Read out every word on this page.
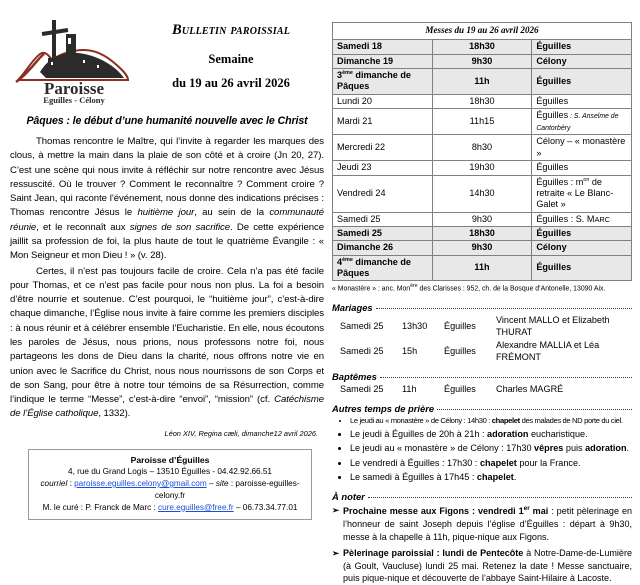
Paroisse
Eguilles - Célony
Bulletin paroissial
Semaine
du 19 au 26 avril 2026
Pâques : le début d’une humanité nouvelle avec le Christ

Thomas rencontre le Maître, qui l’invite à regarder les marques des clous, à mettre la main dans la plaie de son côté et à croire (Jn 20, 27). C’est une scène qui nous invite à réfléchir sur notre rencontre avec Jésus ressuscité. Où le trouver ? Comment le reconnaître ? Comment croire ? Saint Jean, qui raconte l’événement, nous donne des indications précises : Thomas rencontre Jésus le huitième jour, au sein de la communauté réunie, et le reconnaît aux signes de son sacrifice. De cette expérience jaillit sa profession de foi, la plus haute de tout le quatrième Évangile : « Mon Seigneur et mon Dieu ! » (v. 28).

Certes, il n’est pas toujours facile de croire. Cela n’a pas été facile pour Thomas, et ce n’est pas facile pour nous non plus. La foi a besoin d’être nourrie et soutenue. C’est pourquoi, le “huitième jour”, c’est-à-dire chaque dimanche, l’Église nous invite à faire comme les premiers disciples : à nous réunir et à célébrer ensemble l’Eucharistie. En elle, nous écoutons les paroles de Jésus, nous prions, nous professons notre foi, nous partageons les dons de Dieu dans la charité, nous offrons notre vie en union avec le Sacrifice du Christ, nous nous nourrissons de son Corps et de son Sang, pour être à notre tour témoins de sa Résurrection, comme l’indique le terme “Messe”, c’est-à-dire “envoi”, “mission” (cf. Catéchisme de l’Église catholique, 1332).

Léon XIV, Regina cæli, dimanche12 avril 2026.
Paroisse d’Éguilles
4, rue du Grand Logis – 13510 Éguilles - 04.42.92.66.51
courriel : paroisse.eguilles.celony@gmail.com – site : paroisse-eguilles-celony.fr
M. le curé : P. Franck de Marc : cure.eguilles@free.fr – 06.73.34.77.01
Messes du 19 au 26 avril 2026		
Samedi 18	18h30	Éguilles
Dimanche 19	9h30	Célony
3ème dimanche de Pâques	11h	Éguilles
Lundi 20	18h30	Éguilles
Mardi 21	11h15	Éguilles : S. Anselme de Cantorbéry
Mercredi 22	8h30	Célony – « monastère »
Jeudi 23	19h30	Éguilles
Vendredi 24	14h30	Éguilles : $m^{on}$ de retraite « Le Blanc-Galet »
Samedi 25	9h30	Éguilles : S. MARC
Samedi 25	18h30	Éguilles
Dimanche 26	9h30	Célony
4ème dimanche de Pâques	11h	Éguilles
« Monastère » : anc. Mon$^{ère}$ des Clarisses : 952, ch. de la Bosque d’Antonelle, 13090 Aix.
Mariages
Samedi 25	13h30	Éguilles	Vincent MALLO et Elizabeth THURAT
Samedi 25	15h	Éguilles	Alexandre MALLIA et Léa FRÉMONT
Baptêmes
Samedi 25	11h	Éguilles	Charles MAGRÉ
Autres temps de prière
• Le jeudi au « monastère » de Célony : 14h30 : chapelet des malades de ND porte du ciel.
• Le jeudi à Éguilles de 20h à 21h : adoration eucharistique.
• Le jeudi au « monastère » de Célony : 17h30 vêpres puis adoration.
• Le vendredi à Éguilles : 17h30 : chapelet pour la France.
• Le samedi à Éguilles à 17h45 : chapelet.
À noter
➢ Prochaine messe aux Figons : vendredi 1er mai : petit pèlerinage en l’honneur de saint Joseph depuis l’église d’Éguilles : départ à 9h30, messe à la chapelle à 11h, pique-nique aux Figons.
➢ Pèlerinage paroissial : lundi de Pentecôte à Notre-Dame-de-Lumière (à Goult, Vaucluse) lundi 25 mai. Retenez la date ! Messe sanctuaire, puis pique-nique et découverte de l’abbaye Saint-Hilaire à Lacoste.
